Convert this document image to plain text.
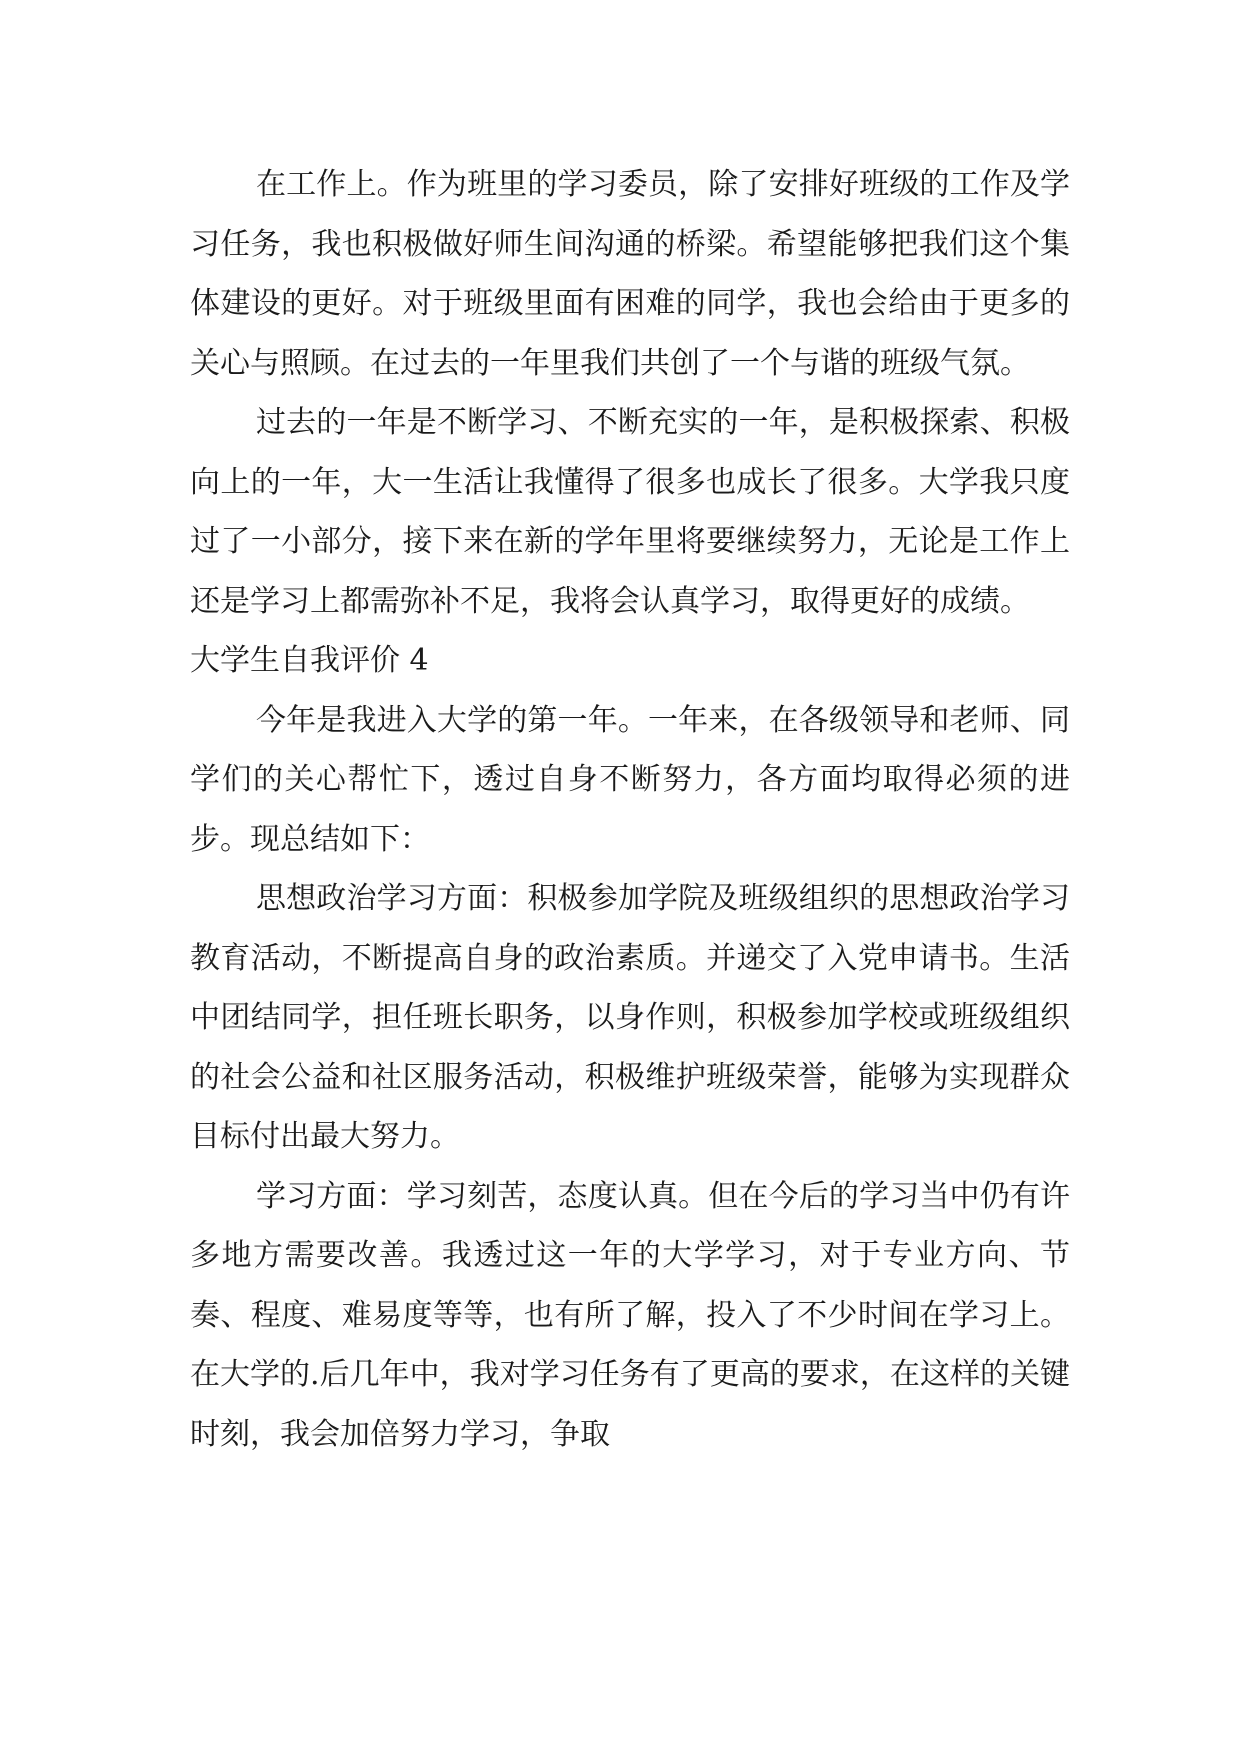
在工作上。作为班里的学习委员，除了安排好班级的工作及学习任务，我也积极做好师生间沟通的桥梁。希望能够把我们这个集体建设的更好。对于班级里面有困难的同学，我也会给由于更多的关心与照顾。在过去的一年里我们共创了一个与谐的班级气氛。

过去的一年是不断学习、不断充实的一年，是积极探索、积极向上的一年，大一生活让我懂得了很多也成长了很多。大学我只度过了一小部分，接下来在新的学年里将要继续努力，无论是工作上还是学习上都需弥补不足，我将会认真学习，取得更好的成绩。

大学生自我评价 4

今年是我进入大学的第一年。一年来，在各级领导和老师、同学们的关心帮忙下，透过自身不断努力，各方面均取得必须的进步。现总结如下：

思想政治学习方面：积极参加学院及班级组织的思想政治学习教育活动，不断提高自身的政治素质。并递交了入党申请书。生活中团结同学，担任班长职务，以身作则，积极参加学校或班级组织的社会公益和社区服务活动，积极维护班级荣誉，能够为实现群众目标付出最大努力。

学习方面：学习刻苦，态度认真。但在今后的学习当中仍有许多地方需要改善。我透过这一年的大学学习，对于专业方向、节奏、程度、难易度等等，也有所了解，投入了不少时间在学习上。在大学的.后几年中，我对学习任务有了更高的要求，在这样的关键时刻，我会加倍努力学习，争取
